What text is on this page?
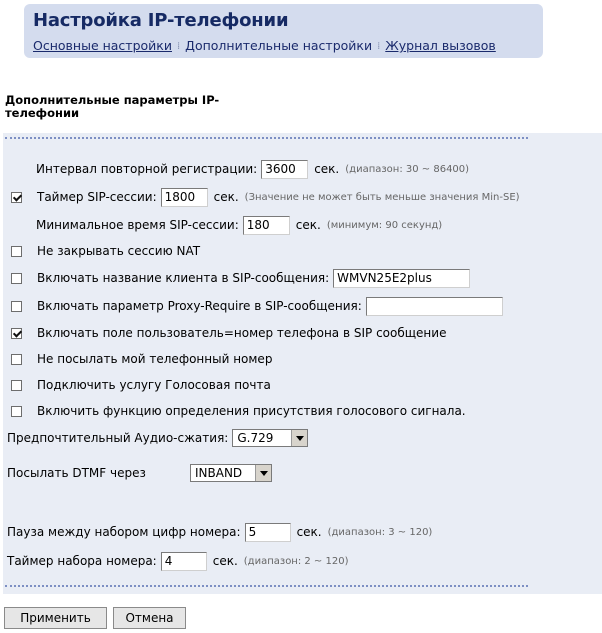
Настройка IP-телефонии
Основные настройки ⁞ Дополнительные настройки ⁞ Журнал вызовов
Дополнительные параметры IP-телефонии
Интервал повторной регистрации:
3600	сек. (диапазон: 30 ~ 86400)
Таймер SIP-сессии:
1800	сек. (Значение не может быть меньше значения Min-SE)
Минимальное время SIP-сессии:
180	сек. (минимум: 90 секунд)
Не закрывать сессию NAT
Включать название клиента в SIP-сообщения:
WMVN25E2plus
Включать параметр Proxy-Require в SIP-сообщения:
Включать поле пользователь=номер телефона в SIP сообщение
Не посылать мой телефонный номер
Подключить услугу Голосовая почта
Включить функцию определения присутствия голосового сигнала.
Предпочтительный Аудио-сжатия: G.729
Посылать DTMF через	INBAND
Пауза между набором цифр номера:
5	сек. (диапазон: 3 ~ 120)
Таймер набора номера:
4	сек. (диапазон: 2 ~ 120)
Применить	Отмена
